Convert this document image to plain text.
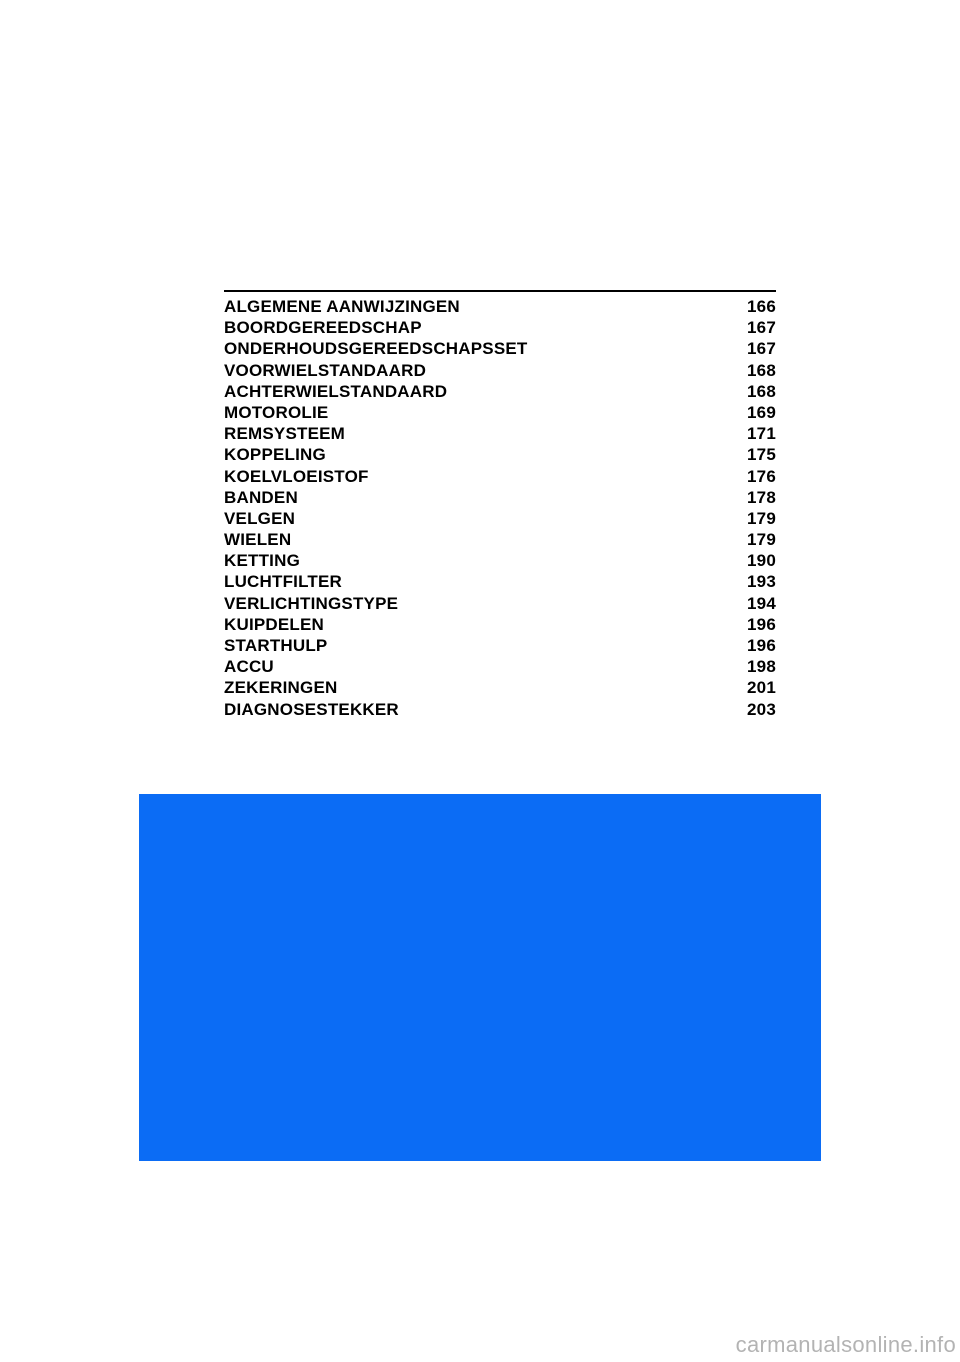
ALGEMENE AANWIJZINGEN	166
BOORDGEREEDSCHAP	167
ONDERHOUDSGEREEDSCHAPSSET	167
VOORWIELSTANDAARD	168
ACHTERWIELSTANDAARD	168
MOTOROLIE	169
REMSYSTEEM	171
KOPPELING	175
KOELVLOEISTOF	176
BANDEN	178
VELGEN	179
WIELEN	179
KETTING	190
LUCHTFILTER	193
VERLICHTINGSTYPE	194
KUIPDELEN	196
STARTHULP	196
ACCU	198
ZEKERINGEN	201
DIAGNOSESTEKKER	203
carmanualsonline.info
